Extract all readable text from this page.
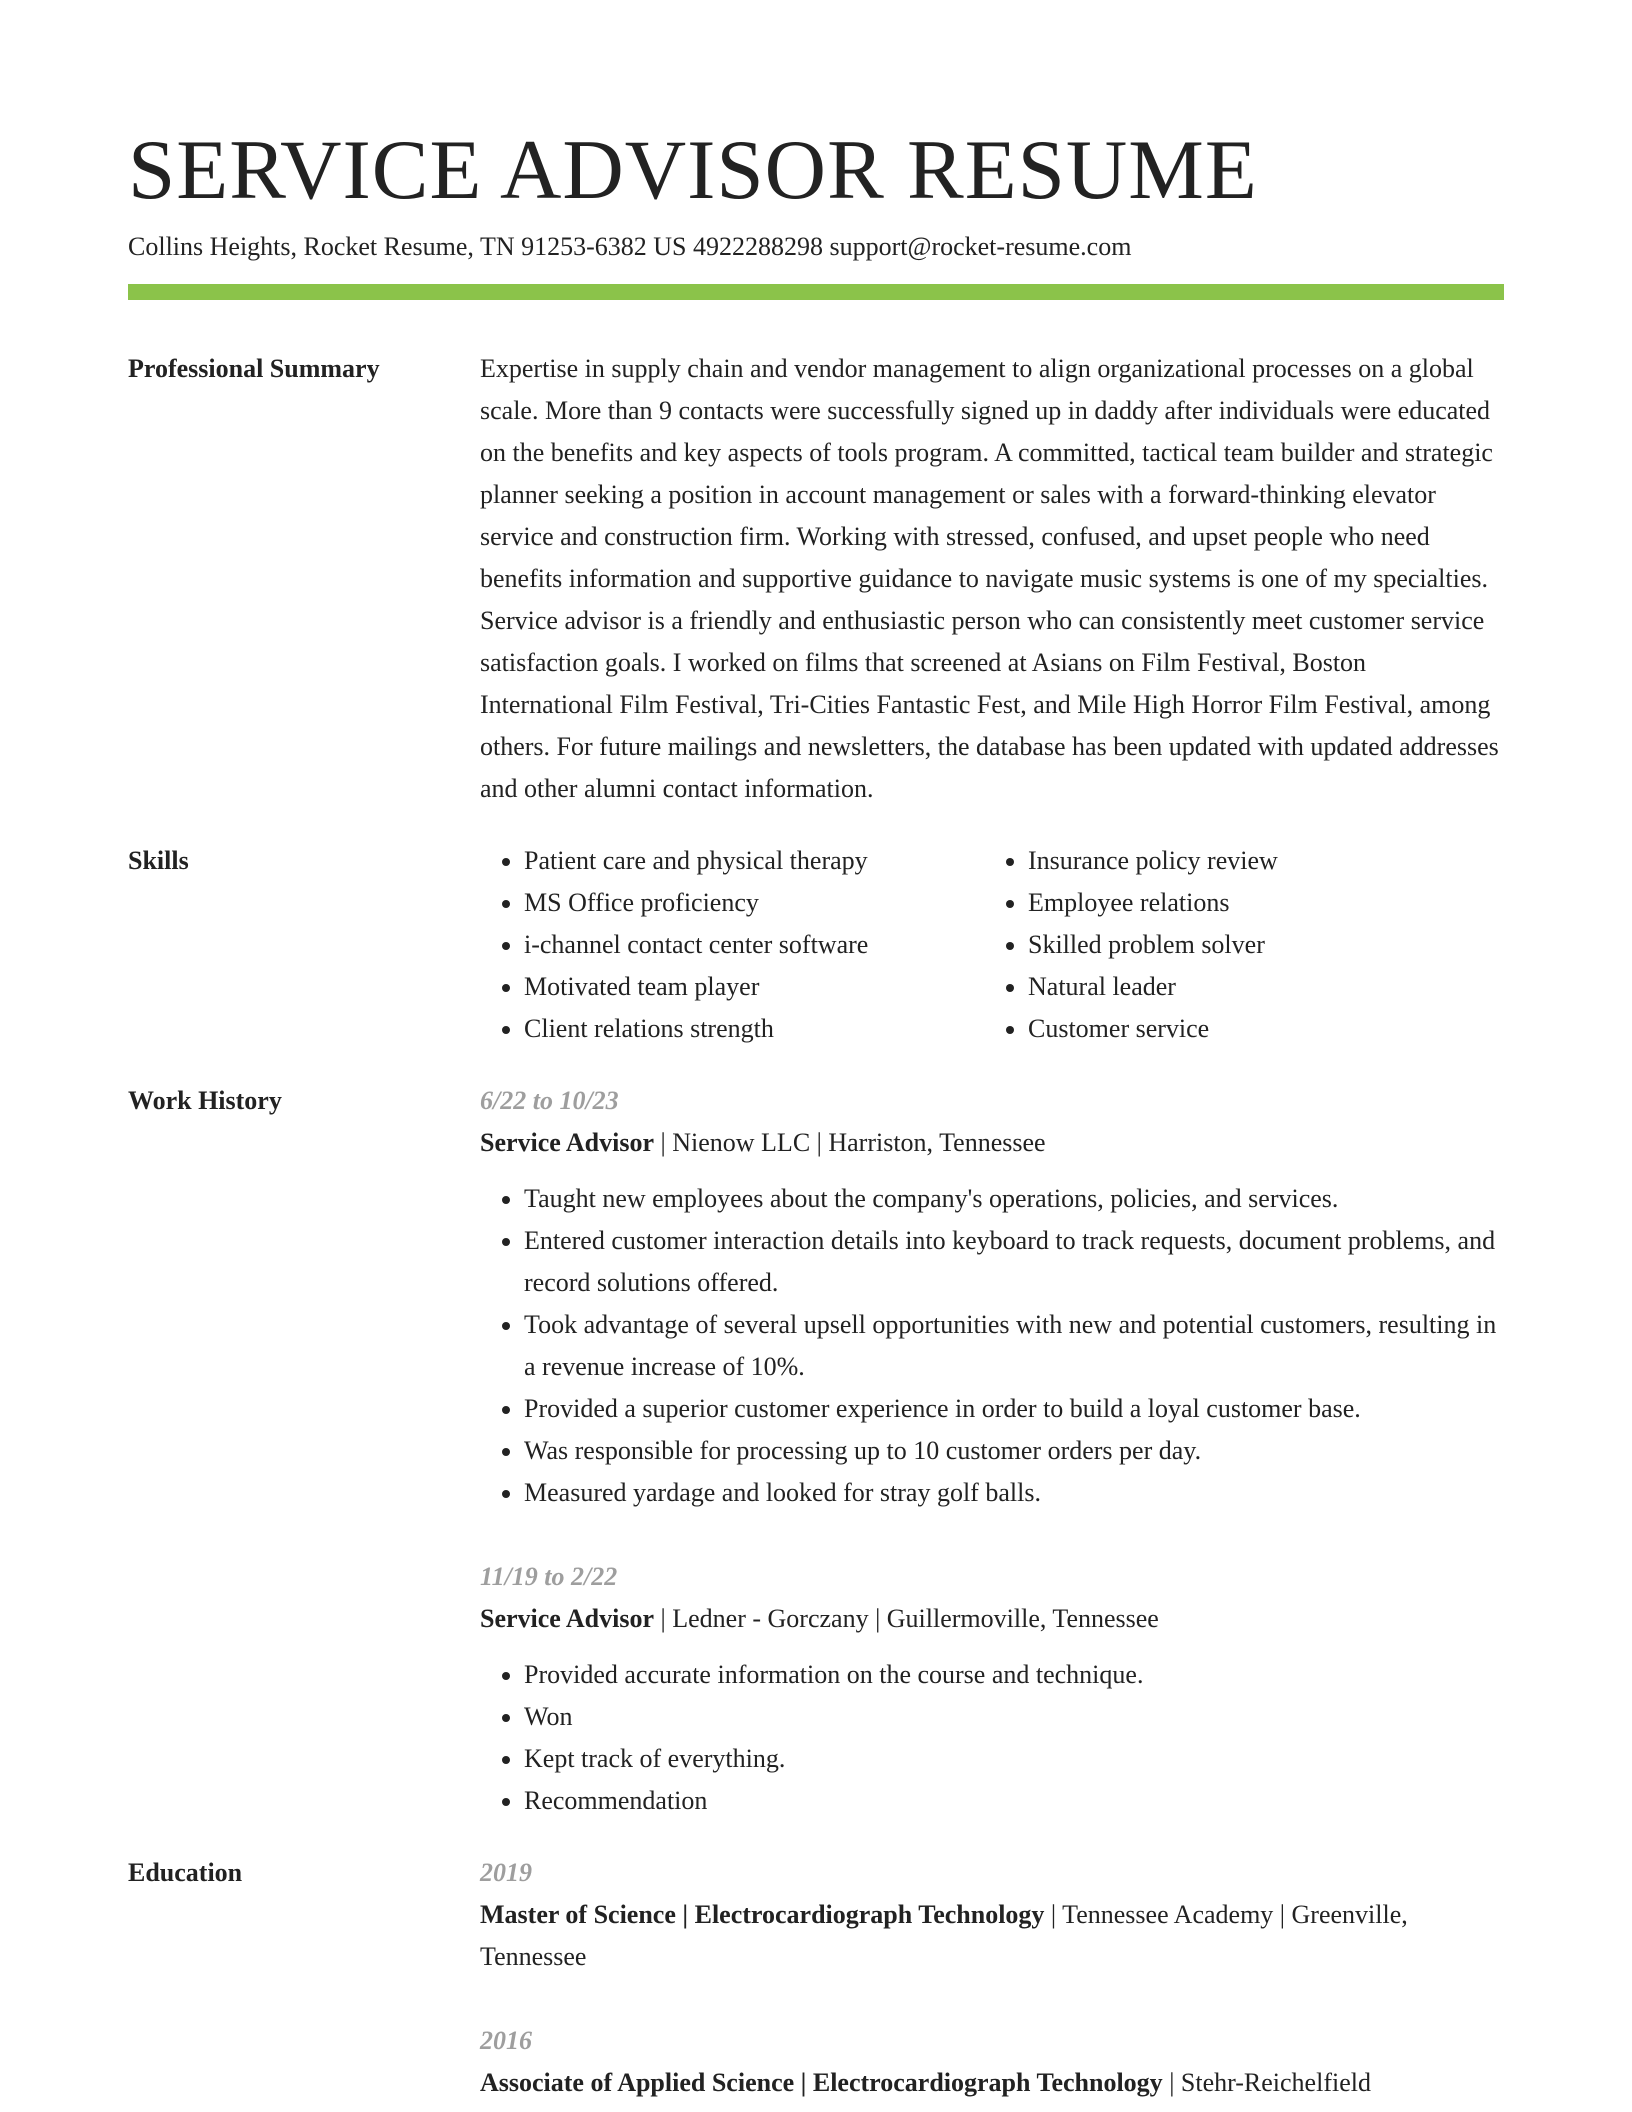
SERVICE ADVISOR RESUME
Collins Heights, Rocket Resume, TN 91253-6382 US 4922288298 support@rocket-resume.com
Professional Summary	Expertise in supply chain and vendor management to align organizational processes on a global scale. More than 9 contacts were successfully signed up in daddy after individuals were educated on the benefits and key aspects of tools program. A committed, tactical team builder and strategic planner seeking a position in account management or sales with a forward-thinking elevator service and construction firm. Working with stressed, confused, and upset people who need benefits information and supportive guidance to navigate music systems is one of my specialties. Service advisor is a friendly and enthusiastic person who can consistently meet customer service satisfaction goals. I worked on films that screened at Asians on Film Festival, Boston International Film Festival, Tri-Cities Fantastic Fest, and Mile High Horror Film Festival, among others. For future mailings and newsletters, the database has been updated with updated addresses and other alumni contact information.

Skills
•	Patient care and physical therapy
• MS Office proficiency
• i-channel contact center software
• Motivated team player
• Client relations strength
• Insurance policy review
• Employee relations
• Skilled problem solver
• Natural leader
• Customer service
Work History	6/22 to 10/23
Service Advisor | Nienow LLC | Harriston, Tennessee
• Taught new employees about the company's operations, policies, and services.
• Entered customer interaction details into keyboard to track requests, document problems, and record solutions offered.
• Took advantage of several upsell opportunities with new and potential customers, resulting in a revenue increase of 10%.
• Provided a superior customer experience in order to build a loyal customer base.
• Was responsible for processing up to 10 customer orders per day.
• Measured yardage and looked for stray golf balls.
11/19 to 2/22
Service Advisor | Ledner - Gorczany | Guillermoville, Tennessee
• Provided accurate information on the course and technique.
• Won
• Kept track of everything.
• Recommendation
Education	2019
Master of Science | Electrocardiograph Technology | Tennessee Academy | Greenville, Tennessee
2016
Associate of Applied Science | Electrocardiograph Technology | Stehr-Reichelfield
